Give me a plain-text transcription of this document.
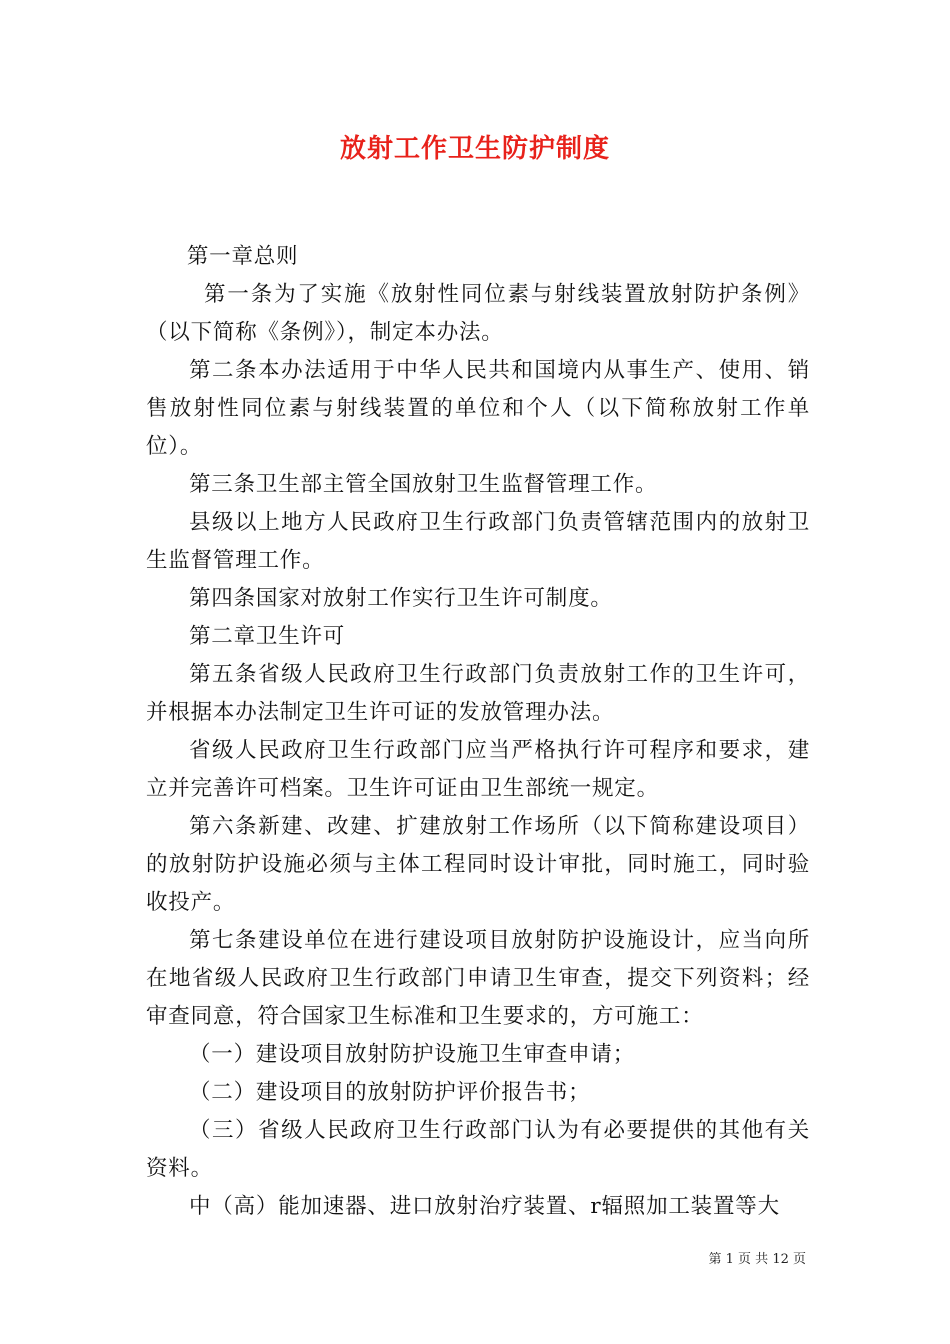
放射工作卫生防护制度

第一章总则

第一条为了实施《放射性同位素与射线装置放射防护条例》（以下简称《条例》），制定本办法。

第二条本办法适用于中华人民共和国境内从事生产、使用、销售放射性同位素与射线装置的单位和个人（以下简称放射工作单位）。

第三条卫生部主管全国放射卫生监督管理工作。

县级以上地方人民政府卫生行政部门负责管辖范围内的放射卫生监督管理工作。

第四条国家对放射工作实行卫生许可制度。

第二章卫生许可

第五条省级人民政府卫生行政部门负责放射工作的卫生许可，并根据本办法制定卫生许可证的发放管理办法。

省级人民政府卫生行政部门应当严格执行许可程序和要求，建立并完善许可档案。卫生许可证由卫生部统一规定。

第六条新建、改建、扩建放射工作场所（以下简称建设项目）的放射防护设施必须与主体工程同时设计审批，同时施工，同时验收投产。

第七条建设单位在进行建设项目放射防护设施设计，应当向所在地省级人民政府卫生行政部门申请卫生审查，提交下列资料；经审查同意，符合国家卫生标准和卫生要求的，方可施工：

（一）建设项目放射防护设施卫生审查申请；

（二）建设项目的放射防护评价报告书；

（三）省级人民政府卫生行政部门认为有必要提供的其他有关资料。

中（高）能加速器、进口放射治疗装置、r辐照加工装置等大

第 1 页 共 12 页
